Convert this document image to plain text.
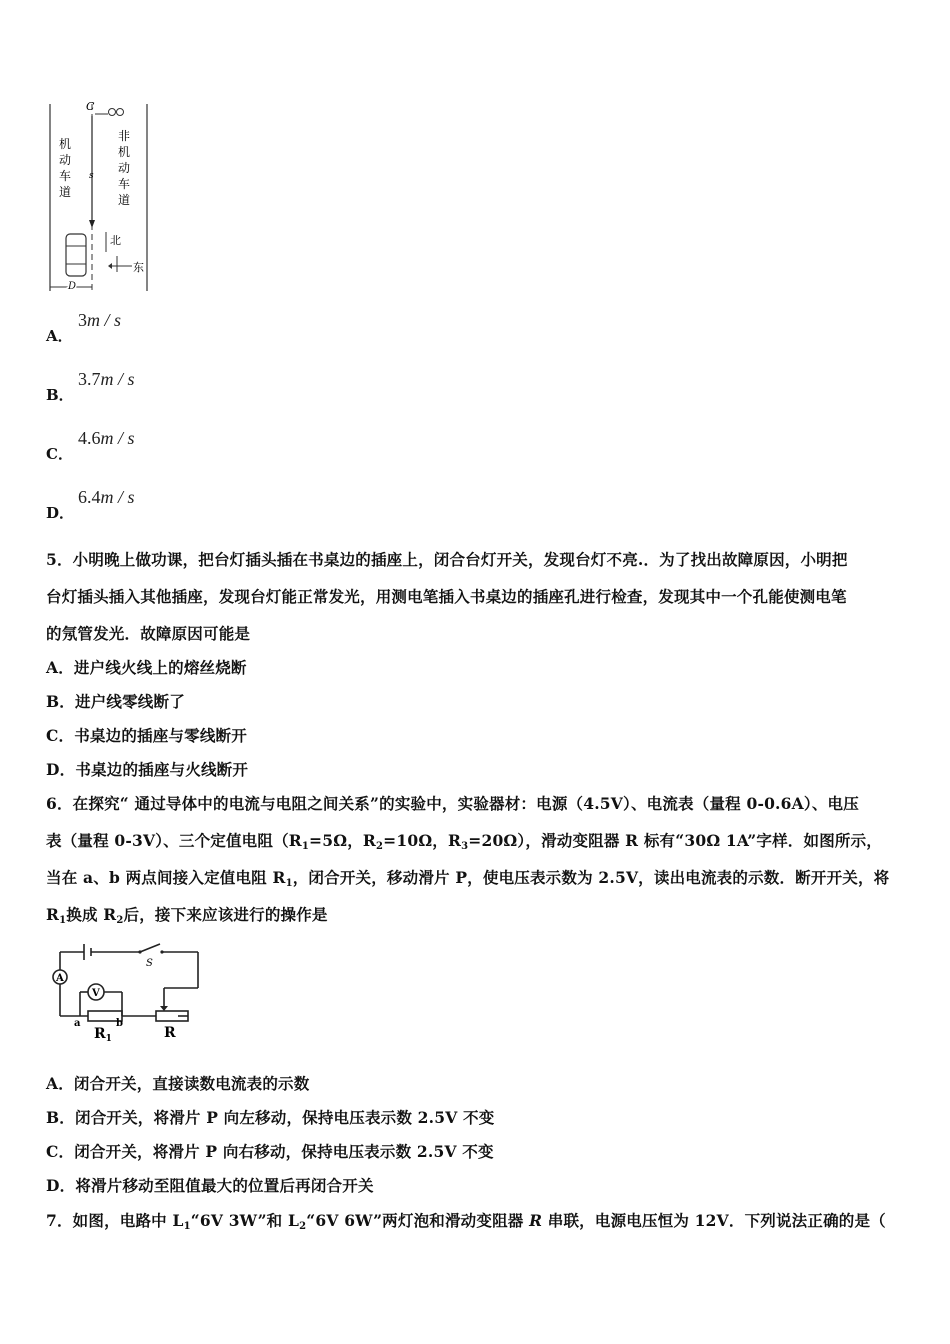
机
动
车
道
非
机
动
车
道
C
s
北
东
D
A．
3m / s
B．
3.7m / s
C．
4.6m / s
D．
6.4m / s
5．小明晚上做功课，把台灯插头插在书桌边的插座上，闭合台灯开关，发现台灯不亮.．为了找出故障原因，小明把
台灯插头插入其他插座，发现台灯能正常发光，用测电笔插入书桌边的插座孔进行检查，发现其中一个孔能使测电笔
的氖管发光．故障原因可能是
A．进户线火线上的熔丝烧断
B．进户线零线断了
C．书桌边的插座与零线断开
D．书桌边的插座与火线断开
6．在探究“ 通过导体中的电流与电阻之间关系”的实验中，实验器材：电源（4.5V）、电流表（量程 0-0.6A）、电压
表（量程 0-3V）、三个定值电阻（$R_1=5\Omega$，$R_2=10\Omega$，$R_3=20\Omega$），滑动变阻器 R 标有“30Ω 1A”字样．如图所示，
当在 a、b 两点间接入定值电阻 $R_1$，闭合开关，移动滑片 P，使电压表示数为 2.5V，读出电流表的示数．断开开关，将
$R_1$换成 $R_2$后，接下来应该进行的操作是
A
V
S
a	b
$R_1$	R
A．闭合开关，直接读数电流表的示数
B．闭合开关，将滑片 P 向左移动，保持电压表示数 2.5V 不变
C．闭合开关，将滑片 P 向右移动，保持电压表示数 2.5V 不变
D．将滑片移动至阻值最大的位置后再闭合开关
7．如图，电路中 $L_1“6V$ 3W”和 $L_2“6V$ 6W”两灯泡和滑动变阻器 R 串联，电源电压恒为 12V．下列说法正确的是（
